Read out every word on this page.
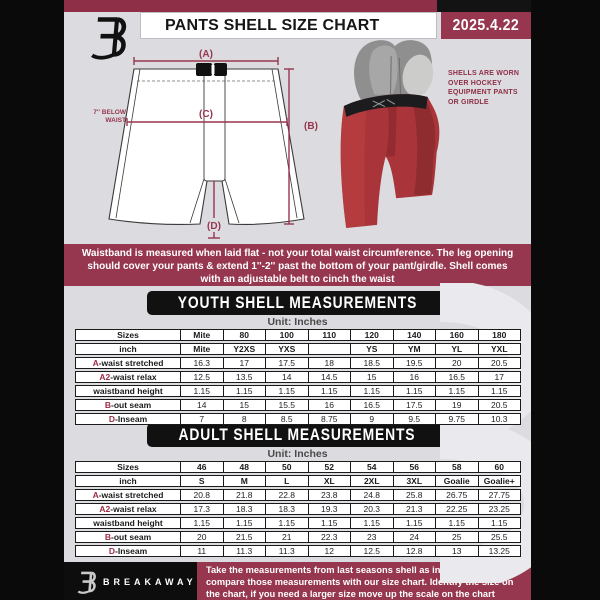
PANTS SHELL SIZE CHART	2025.4.22
(A)
(B)
(C)
(D)
7'' BELOW WAIST
SHELLS ARE WORN OVER HOCKEY EQUIPMENT PANTS OR GIRDLE
Waistband is measured when laid flat - not your total waist circumference. The leg opening should cover your pants & extend 1''-2'' past the bottom of your pant/girdle. Shell comes with an adjustable belt to cinch the waist
YOUTH SHELL MEASUREMENTS
Unit: Inches
Sizes	Mite	80	100	110	120	140	160	180
inch	Mite	Y2XS	YXS		YS	YM	YL	YXL
A-waist stretched	16.3	17	17.5	18	18.5	19.5	20	20.5
A2-waist relax	12.5	13.5	14	14.5	15	16	16.5	17
waistband height	1.15	1.15	1.15	1.15	1.15	1.15	1.15	1.15
B-out seam	14	15	15.5	16	16.5	17.5	19	20.5
D-Inseam	7	8	8.5	8.75	9	9.5	9.75	10.3
ADULT SHELL MEASUREMENTS
Unit: Inches
Sizes	46	48	50	52	54	56	58	60
inch	S	M	L	XL	2XL	3XL	Goalie	Goalie+
A-waist stretched	20.8	21.8	22.8	23.8	24.8	25.8	26.75	27.75
A2-waist relax	17.3	18.3	18.3	19.3	20.3	21.3	22.25	23.25
waistband height	1.15	1.15	1.15	1.15	1.15	1.15	1.15	1.15
B-out seam	20	21.5	21	22.3	23	24	25	25.5
D-Inseam	11	11.3	11.3	12	12.5	12.8	13	13.25
BREAKAWAY
Take the measurements from last seasons shell as instructed above compare those measurements with our size chart. Identify the size on the chart, if you need a larger size move up the scale on the chart
